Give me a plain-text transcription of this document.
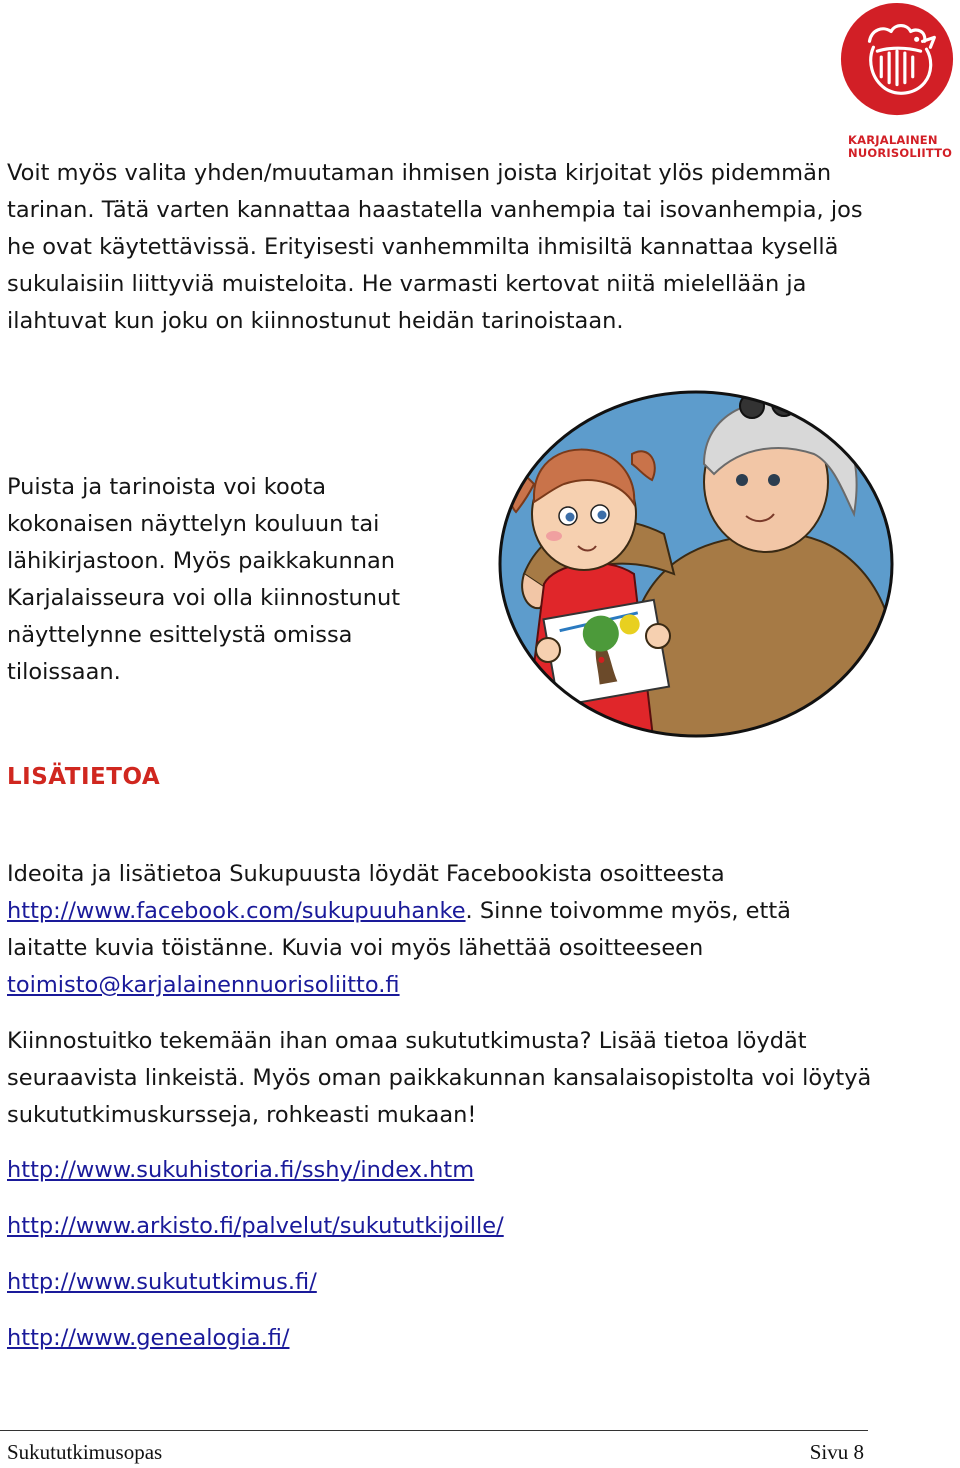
KARJALAINEN
NUORISOLIITTO

Voit myös valita yhden/muutaman ihmisen joista kirjoitat ylös pidemmän tarinan. Tätä varten kannattaa haastatella vanhempia tai isovanhempia, jos he ovat käytettävissä. Erityisesti vanhemmilta ihmisiltä kannattaa kysellä sukulaisiin liittyviä muisteloita. He varmasti kertovat niitä mielellään ja ilahtuvat kun joku on kiinnostunut heidän tarinoistaan.

Puista ja tarinoista voi koota kokonaisen näyttelyn kouluun tai lähikirjastoon. Myös paikkakunnan Karjalaisseura voi olla kiinnostunut näyttelynne esittelystä omissa tiloissaan.

LISÄTIETOA

Ideoita ja lisätietoa Sukupuusta löydät Facebookista osoitteesta http://www.facebook.com/sukupuuhanke. Sinne toivomme myös, että laitatte kuvia töistänne. Kuvia voi myös lähettää osoitteeseen toimisto@karjalainennuorisoliitto.fi

Kiinnostuitko tekemään ihan omaa sukututkimusta? Lisää tietoa löydät seuraavista linkeistä. Myös oman paikkakunnan kansalaisopistolta voi löytyä sukututkimuskursseja, rohkeasti mukaan!

http://www.sukuhistoria.fi/sshy/index.htm
http://www.arkisto.fi/palvelut/sukututkijoille/
http://www.sukututkimus.fi/
http://www.genealogia.fi/
Sukututkimusopas	Sivu 8
